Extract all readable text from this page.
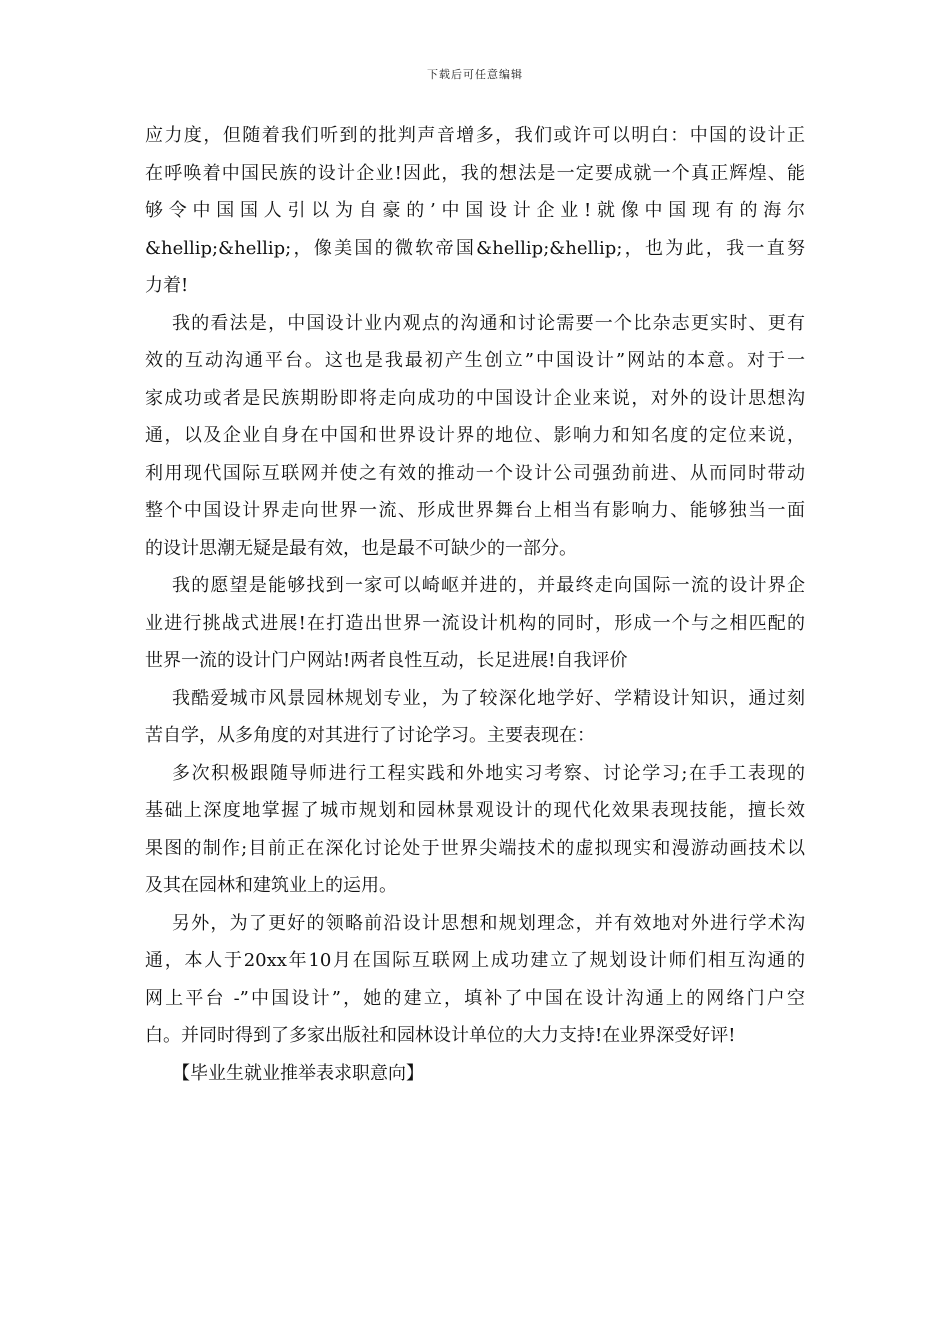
下载后可任意编辑
应力度，但随着我们听到的批判声音增多，我们或许可以明白：中国的设计正
在呼唤着中国民族的设计企业!因此，我的想法是一定要成就一个真正辉煌、能
够令中国国人引以为自豪的’中国设计企业!就像中国现有的海尔
&hellip;&hellip;，像美国的微软帝国&hellip;&hellip;，也为此，我一直努
力着!
我的看法是，中国设计业内观点的沟通和讨论需要一个比杂志更实时、更有
效的互动沟通平台。这也是我最初产生创立”中国设计”网站的本意。对于一
家成功或者是民族期盼即将走向成功的中国设计企业来说，对外的设计思想沟
通，以及企业自身在中国和世界设计界的地位、影响力和知名度的定位来说，
利用现代国际互联网并使之有效的推动一个设计公司强劲前进、从而同时带动
整个中国设计界走向世界一流、形成世界舞台上相当有影响力、能够独当一面
的设计思潮无疑是最有效，也是最不可缺少的一部分。
我的愿望是能够找到一家可以崎岖并进的，并最终走向国际一流的设计界企
业进行挑战式进展!在打造出世界一流设计机构的同时，形成一个与之相匹配的
世界一流的设计门户网站!两者良性互动，长足进展!自我评价
我酷爱城市风景园林规划专业，为了较深化地学好、学精设计知识，通过刻
苦自学，从多角度的对其进行了讨论学习。主要表现在：
多次积极跟随导师进行工程实践和外地实习考察、讨论学习;在手工表现的
基础上深度地掌握了城市规划和园林景观设计的现代化效果表现技能，擅长效
果图的制作;目前正在深化讨论处于世界尖端技术的虚拟现实和漫游动画技术以
及其在园林和建筑业上的运用。
另外，为了更好的领略前沿设计思想和规划理念，并有效地对外进行学术沟
通，本人于20xx年10月在国际互联网上成功建立了规划设计师们相互沟通的
网上平台 -”中国设计”，她的建立，填补了中国在设计沟通上的网络门户空
白。并同时得到了多家出版社和园林设计单位的大力支持!在业界深受好评!
【毕业生就业推举表求职意向】
